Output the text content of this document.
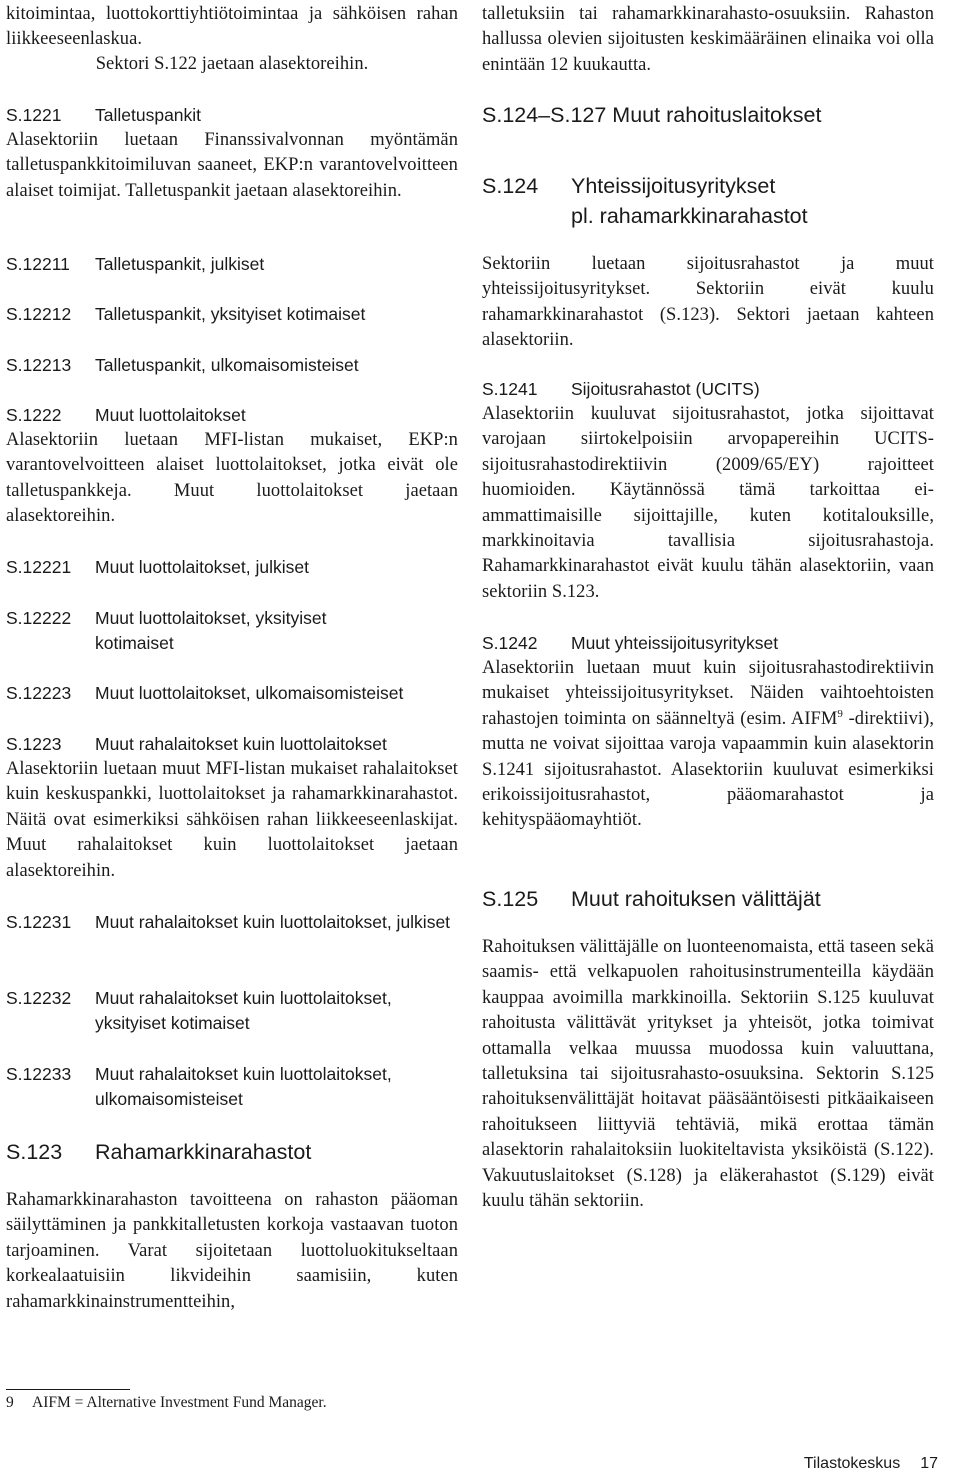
kitoimintaa, luottokorttiyhtiötoimintaa ja sähköisen rahan liikkeeseenlaskua.
Sektori S.122 jaetaan alasektoreihin.
S.1221	Talletuspankit
Alasektoriin luetaan Finanssivalvonnan myöntämän talletuspankkitoimiluvan saaneet, EKP:n varantovelvoitteen alaiset toimijat. Talletuspankit jaetaan alasektoreihin.
S.12211	Talletuspankit, julkiset
S.12212	Talletuspankit, yksityiset kotimaiset
S.12213	Talletuspankit, ulkomaisomisteiset
S.1222	Muut luottolaitokset
Alasektoriin luetaan MFI-listan mukaiset, EKP:n varantovelvoitteen alaiset luottolaitokset, jotka eivät ole talletuspankkeja. Muut luottolaitokset jaetaan alasektoreihin.
S.12221	Muut luottolaitokset, julkiset
S.12222	Muut luottolaitokset, yksityiset kotimaiset
S.12223	Muut luottolaitokset, ulkomaisomisteiset
S.1223	Muut rahalaitokset kuin luottolaitokset
Alasektoriin luetaan muut MFI-listan mukaiset rahalaitokset kuin keskuspankki, luottolaitokset ja rahamarkkinarahastot. Näitä ovat esimerkiksi sähköisen rahan liikkeeseenlaskijat. Muut rahalaitokset kuin luottolaitokset jaetaan alasektoreihin.
S.12231	Muut rahalaitokset kuin luottolaitokset, julkiset
S.12232	Muut rahalaitokset kuin luottolaitokset, yksityiset kotimaiset
S.12233	Muut rahalaitokset kuin luottolaitokset, ulkomaisomisteiset
S.123	Rahamarkkinarahastot
Rahamarkkinarahaston tavoitteena on rahaston pääoman säilyttäminen ja pankkitalletusten korkoja vastaavan tuoton tarjoaminen. Varat sijoitetaan luottoluokitukseltaan korkealaatuisiin likvideihin saamisiin, kuten rahamarkkinainstrumentteihin,
talletuksiin tai rahamarkkinarahasto-osuuksiin. Rahaston hallussa olevien sijoitusten keskimääräinen elinaika voi olla enintään 12 kuukautta.
S.124–S.127 Muut rahoituslaitokset
S.124	Yhteissijoitusyritykset
pl. rahamarkkinarahastot
Sektoriin luetaan sijoitusrahastot ja muut yhteissijoitusyritykset. Sektoriin eivät kuulu rahamarkkinarahastot (S.123). Sektori jaetaan kahteen alasektoriin.
S.1241	Sijoitusrahastot (UCITS)
Alasektoriin kuuluvat sijoitusrahastot, jotka sijoittavat varojaan siirtokelpoisiin arvopapereihin UCITS-sijoitusrahastodirektiivin (2009/65/EY) rajoitteet huomioiden. Käytännössä tämä tarkoittaa ei-ammattimaisille sijoittajille, kuten kotitalouksille, markkinoitavia tavallisia sijoitusrahastoja. Rahamarkkinarahastot eivät kuulu tähän alasektoriin, vaan sektoriin S.123.
S.1242	Muut yhteissijoitusyritykset
Alasektoriin luetaan muut kuin sijoitusrahastodirektiivin mukaiset yhteissijoitusyritykset. Näiden vaihtoehtoisten rahastojen toiminta on säänneltyä (esim. AIFM$^9$ -direktiivi), mutta ne voivat sijoittaa varoja vapaammin kuin alasektorin S.1241 sijoitusrahastot. Alasektoriin kuuluvat esimerkiksi erikoissijoitusrahastot, pääomarahastot ja kehityspääomayhtiöt.
S.125	Muut rahoituksen välittäjät
Rahoituksen välittäjälle on luonteenomaista, että taseen sekä saamis- että velkapuolen rahoitusinstrumenteilla käydään kauppaa avoimilla markkinoilla. Sektoriin S.125 kuuluvat rahoitusta välittävät yritykset ja yhteisöt, jotka toimivat ottamalla velkaa muussa muodossa kuin valuuttana, talletuksina tai sijoitusrahasto-osuuksina. Sektorin S.125 rahoituksenvälittäjät hoitavat pääsääntöisesti pitkäaikaiseen rahoitukseen liittyviä tehtäviä, mikä erottaa tämän alasektorin rahalaitoksiin luokiteltavista yksiköistä (S.122). Vakuutuslaitokset (S.128) ja eläkerahastot (S.129) eivät kuulu tähän sektoriin.
9 AIFM = Alternative Investment Fund Manager.
Tilastokeskus 17
